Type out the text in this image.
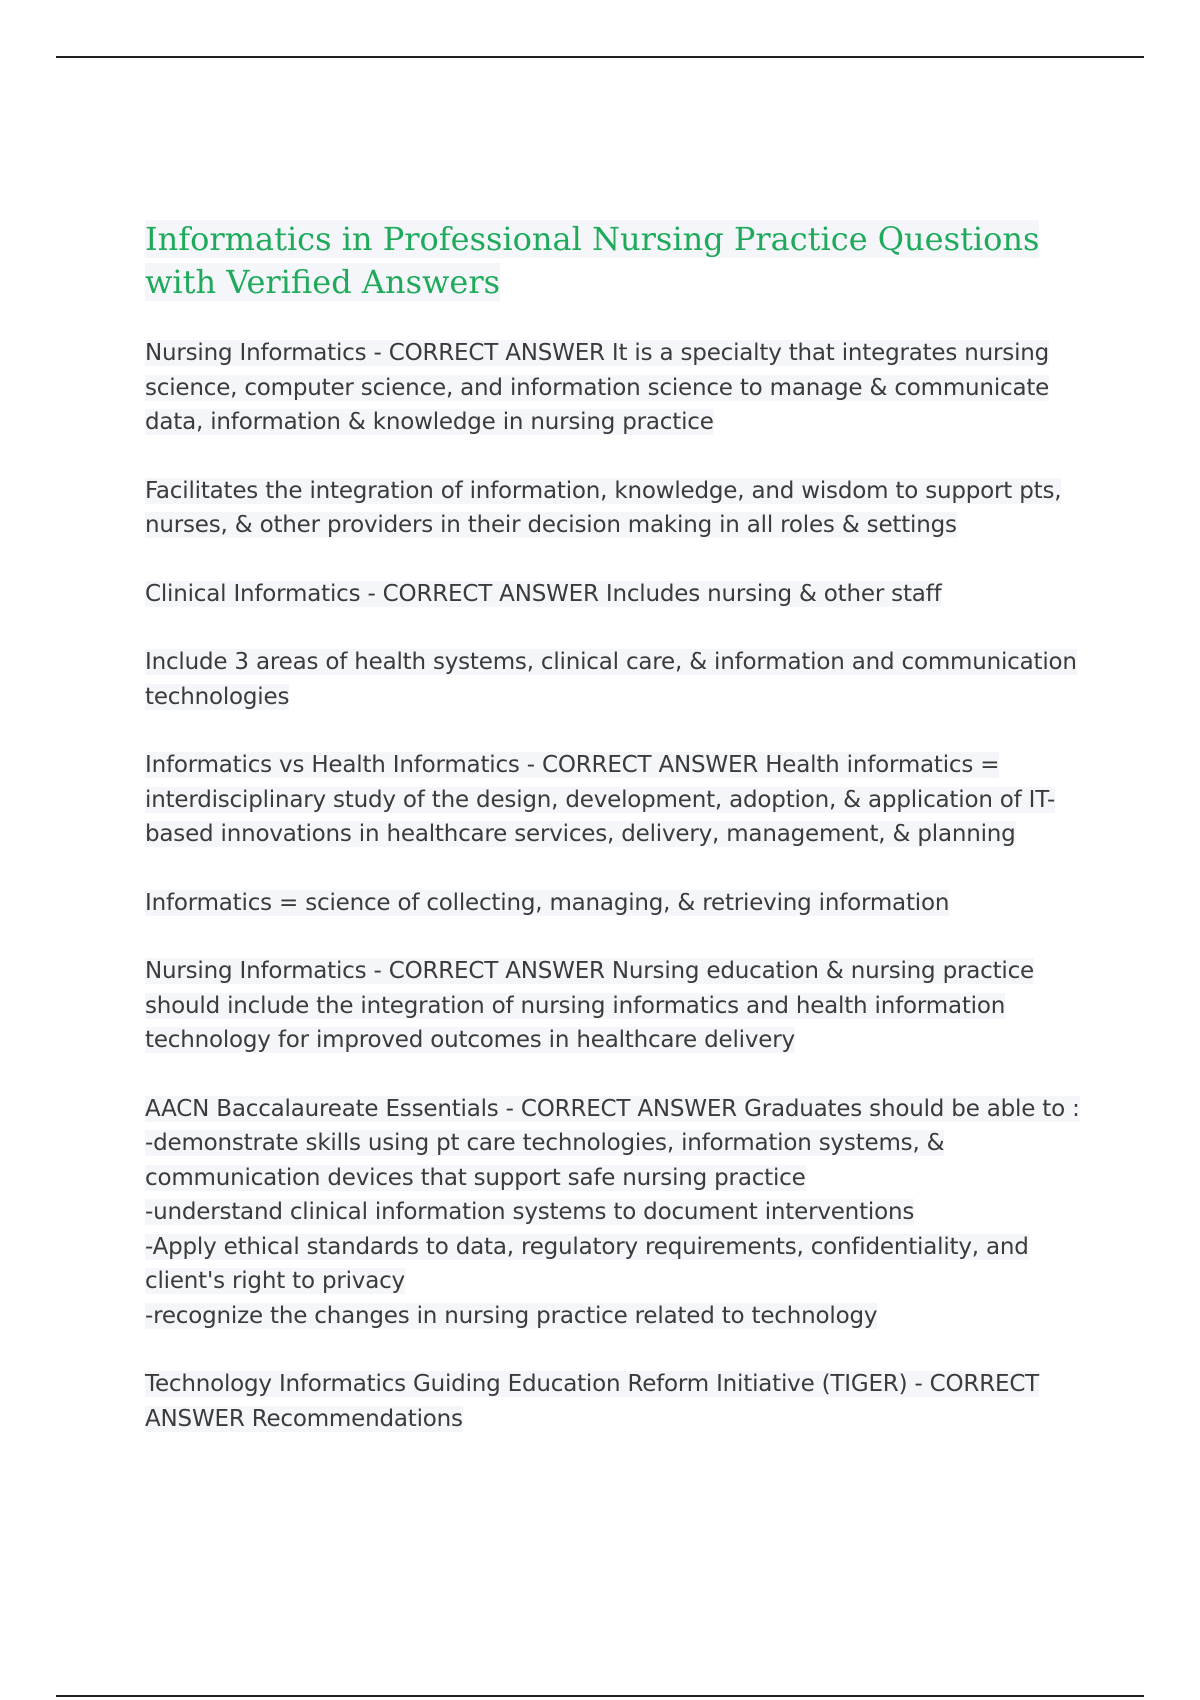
Informatics in Professional Nursing Practice Questions with Verified Answers

Nursing Informatics - CORRECT ANSWER It is a specialty that integrates nursing science, computer science, and information science to manage & communicate data, information & knowledge in nursing practice

Facilitates the integration of information, knowledge, and wisdom to support pts, nurses, & other providers in their decision making in all roles & settings

Clinical Informatics - CORRECT ANSWER Includes nursing & other staff

Include 3 areas of health systems, clinical care, & information and communication technologies

Informatics vs Health Informatics - CORRECT ANSWER Health informatics = interdisciplinary study of the design, development, adoption, & application of IT-based innovations in healthcare services, delivery, management, & planning

Informatics = science of collecting, managing, & retrieving information

Nursing Informatics - CORRECT ANSWER Nursing education & nursing practice should include the integration of nursing informatics and health information technology for improved outcomes in healthcare delivery

AACN Baccalaureate Essentials - CORRECT ANSWER Graduates should be able to :
-demonstrate skills using pt care technologies, information systems, & communication devices that support safe nursing practice
-understand clinical information systems to document interventions
-Apply ethical standards to data, regulatory requirements, confidentiality, and client's right to privacy
-recognize the changes in nursing practice related to technology

Technology Informatics Guiding Education Reform Initiative (TIGER) - CORRECT ANSWER Recommendations
